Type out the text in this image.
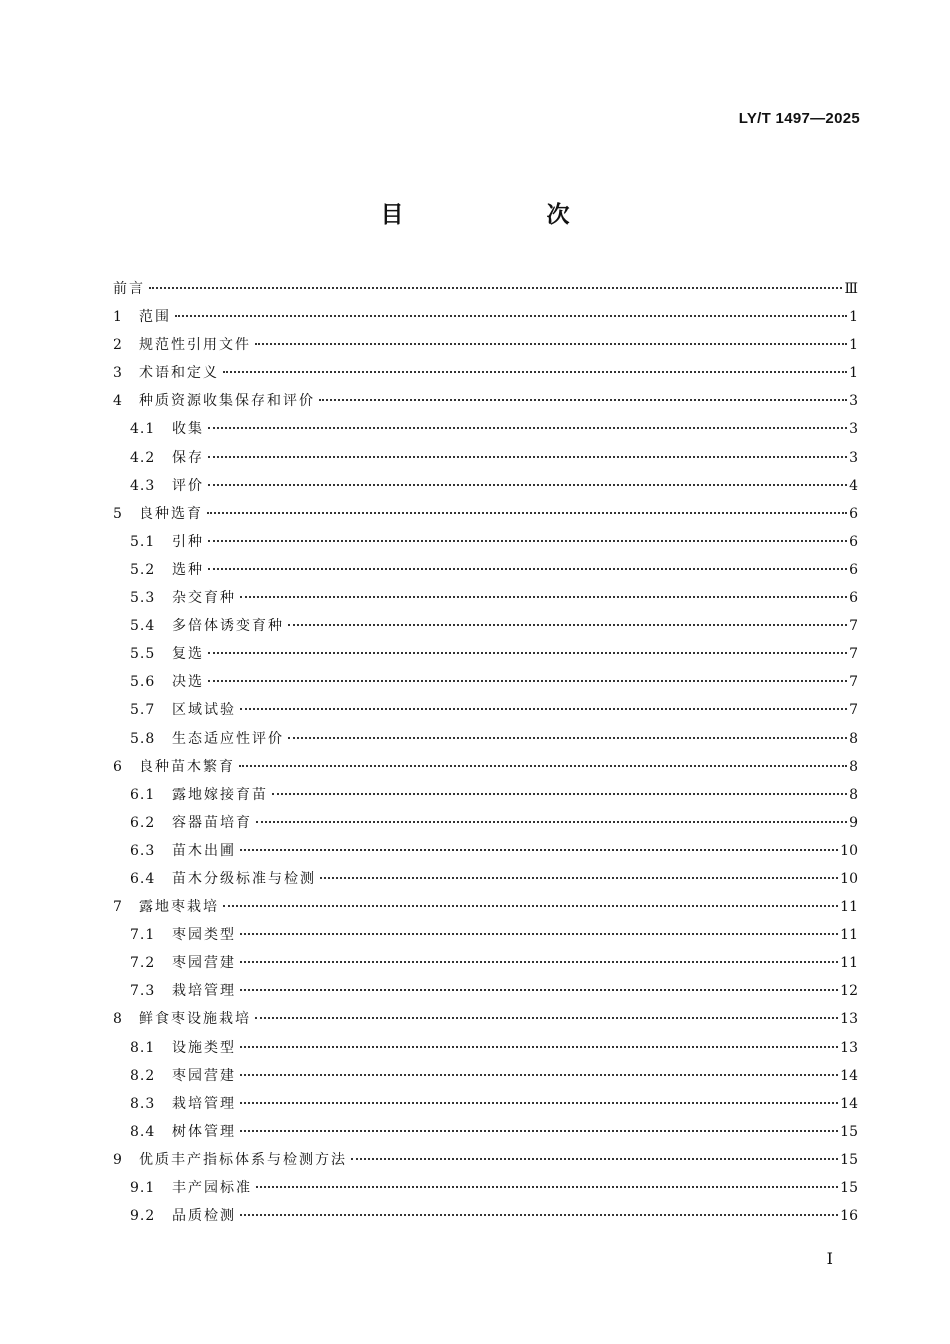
LY/T 1497—2025
目　次
前言	Ⅲ
1	范围	1
2	规范性引用文件	1
3	术语和定义	1
4	种质资源收集保存和评价	3
4.1	收集	3
4.2	保存	3
4.3	评价	4
5	良种选育	6
5.1	引种	6
5.2	选种	6
5.3	杂交育种	6
5.4	多倍体诱变育种	7
5.5	复选	7
5.6	决选	7
5.7	区域试验	7
5.8	生态适应性评价	8
6	良种苗木繁育	8
6.1	露地嫁接育苗	8
6.2	容器苗培育	9
6.3	苗木出圃	10
6.4	苗木分级标准与检测	10
7	露地枣栽培	11
7.1	枣园类型	11
7.2	枣园营建	11
7.3	栽培管理	12
8	鲜食枣设施栽培	13
8.1	设施类型	13
8.2	枣园营建	14
8.3	栽培管理	14
8.4	树体管理	15
9	优质丰产指标体系与检测方法	15
9.1	丰产园标准	15
9.2	品质检测	16
I
